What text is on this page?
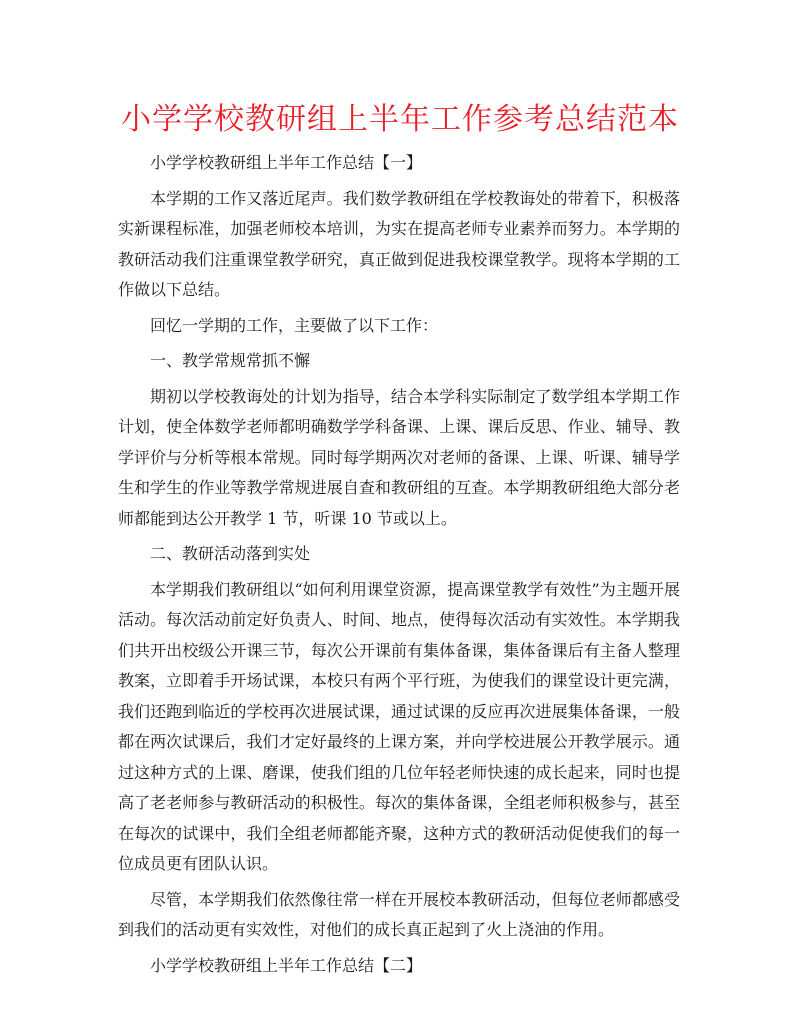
小学学校教研组上半年工作参考总结范本

小学学校教研组上半年工作总结【一】

本学期的工作又落近尾声。我们数学教研组在学校教诲处的带着下，积极落实新课程标准，加强老师校本培训，为实在提高老师专业素养而努力。本学期的教研活动我们注重课堂教学研究，真正做到促进我校课堂教学。现将本学期的工作做以下总结。

回忆一学期的工作，主要做了以下工作：

一、教学常规常抓不懈

期初以学校教诲处的计划为指导，结合本学科实际制定了数学组本学期工作计划，使全体数学老师都明确数学学科备课、上课、课后反思、作业、辅导、教学评价与分析等根本常规。同时每学期两次对老师的备课、上课、听课、辅导学生和学生的作业等教学常规进展自查和教研组的互查。本学期教研组绝大部分老师都能到达公开教学 1 节，听课 10 节或以上。

二、教研活动落到实处

本学期我们教研组以“如何利用课堂资源，提高课堂教学有效性”为主题开展活动。每次活动前定好负责人、时间、地点，使得每次活动有实效性。本学期我们共开出校级公开课三节，每次公开课前有集体备课，集体备课后有主备人整理教案，立即着手开场试课，本校只有两个平行班，为使我们的课堂设计更完满，我们还跑到临近的学校再次进展试课，通过试课的反应再次进展集体备课，一般都在两次试课后，我们才定好最终的上课方案，并向学校进展公开教学展示。通过这种方式的上课、磨课，使我们组的几位年轻老师快速的成长起来，同时也提高了老老师参与教研活动的积极性。每次的集体备课，全组老师积极参与，甚至在每次的试课中，我们全组老师都能齐聚，这种方式的教研活动促使我们的每一位成员更有团队认识。

尽管，本学期我们依然像往常一样在开展校本教研活动，但每位老师都感受到我们的活动更有实效性，对他们的成长真正起到了火上浇油的作用。

小学学校教研组上半年工作总结【二】
